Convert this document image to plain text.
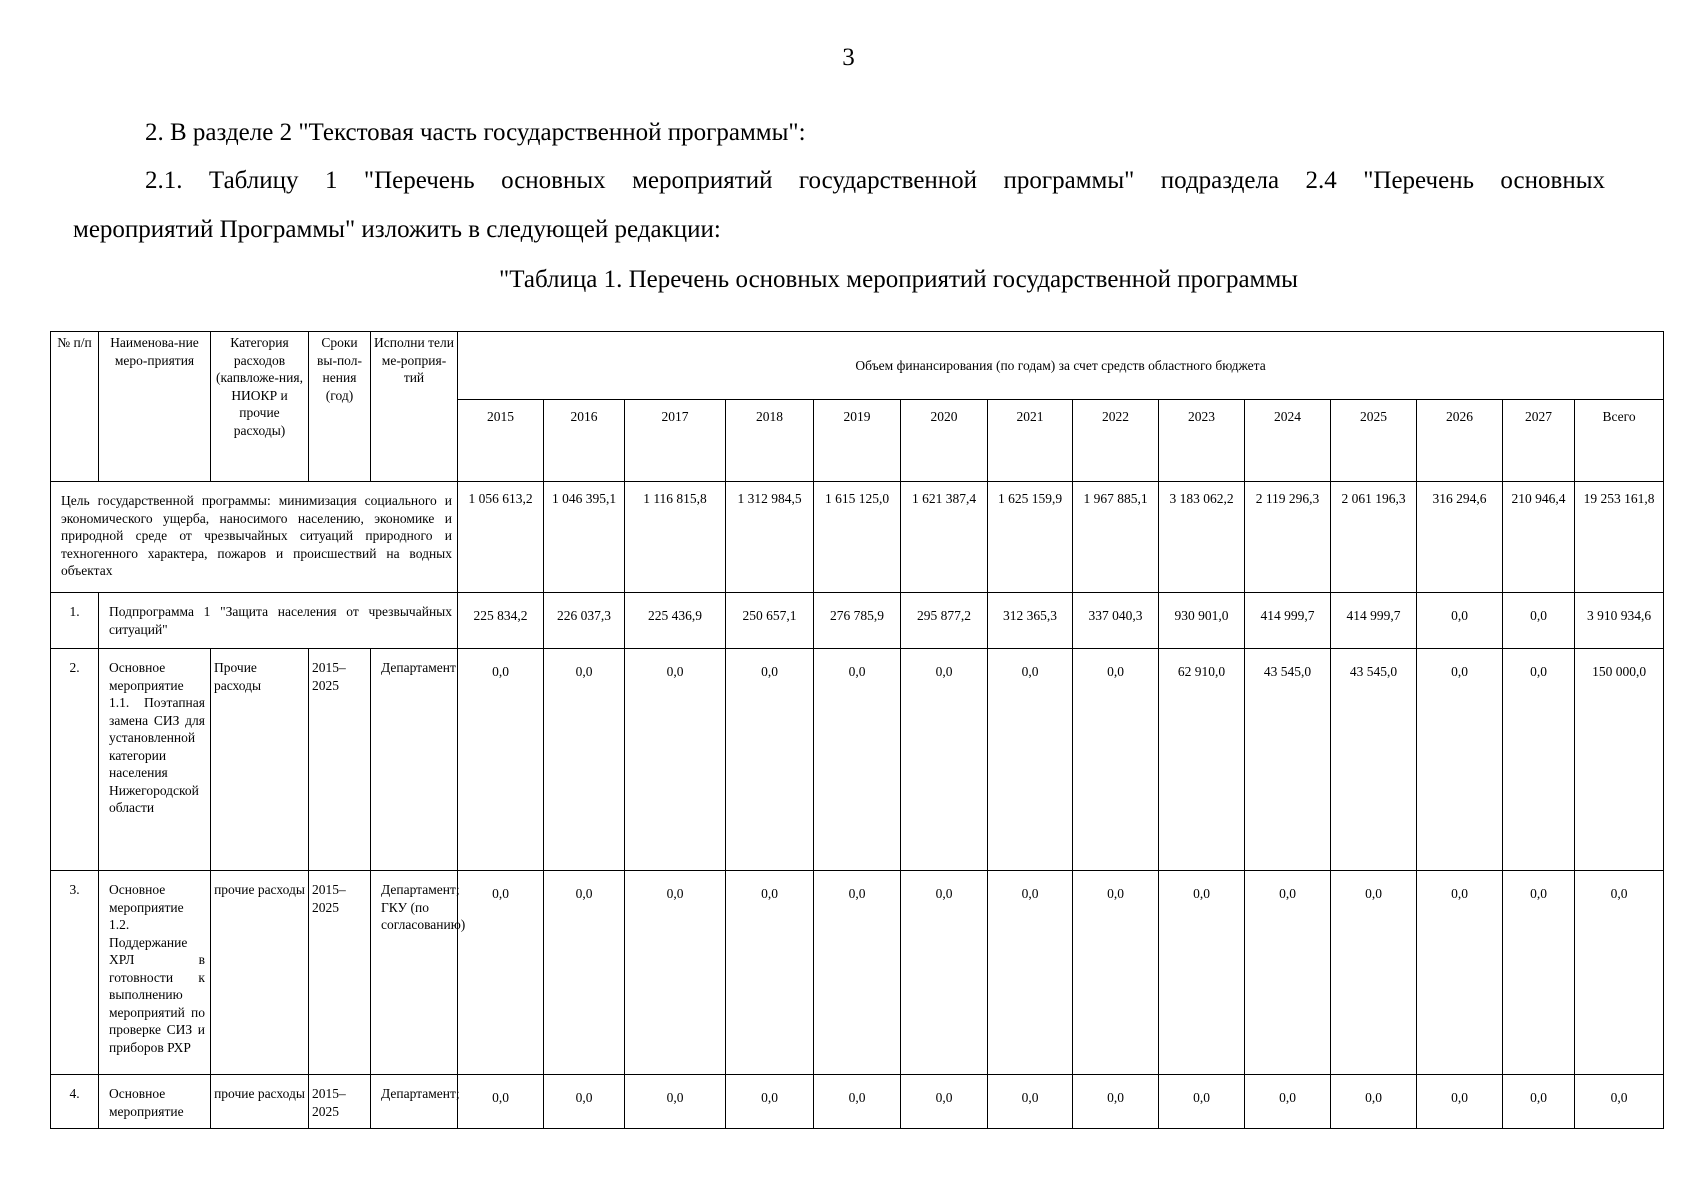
3
2. В разделе 2 "Текстовая часть государственной программы":
2.1. Таблицу 1 "Перечень основных мероприятий государственной программы" подраздела 2.4 "Перечень основных
мероприятий Программы" изложить в следующей редакции:
"Таблица 1. Перечень основных мероприятий государственной программы
№ п/п	Наименова-ние меро-приятия	Категория расходов (капвложе-ния, НИОКР и прочие расходы)	Сроки вы-пол-нения (год)	Исполни тели ме-роприя-тий	Объем финансирования (по годам) за счет средств областного бюджета													
					2015	2016	2017	2018	2019	2020	2021	2022	2023	2024	2025	2026	2027	Всего
Цель государственной программы: минимизация социального и экономического ущерба, наносимого населению, экономике и природной среде от чрезвычайных ситуаций природного и техногенного характера, пожаров и происшествий на водных объектах					1 056 613,2	1 046 395,1	1 116 815,8	1 312 984,5	1 615 125,0	1 621 387,4	1 625 159,9	1 967 885,1	3 183 062,2	2 119 296,3	2 061 196,3	316 294,6	210 946,4	19 253 161,8
1.	Подпрограмма 1 "Защита населения от чрезвычайных ситуаций"				225 834,2	226 037,3	225 436,9	250 657,1	276 785,9	295 877,2	312 365,3	337 040,3	930 901,0	414 999,7	414 999,7	0,0	0,0	3 910 934,6
2.	Основное мероприятие 1.1. Поэтапная замена СИЗ для установленной категории населения Нижегородской области	Прочие расходы	2015–2025	Департамент	0,0	0,0	0,0	0,0	0,0	0,0	0,0	0,0	62 910,0	43 545,0	43 545,0	0,0	0,0	150 000,0
3.	Основное мероприятие 1.2. Поддержание ХРЛ в готовности к выполнению мероприятий по проверке СИЗ и приборов РХР	прочие расходы	2015–2025	Департамент; ГКУ (по согласованию)	0,0	0,0	0,0	0,0	0,0	0,0	0,0	0,0	0,0	0,0	0,0	0,0	0,0	0,0
4.	Основное мероприятие	прочие расходы	2015–2025	Департамент;	0,0	0,0	0,0	0,0	0,0	0,0	0,0	0,0	0,0	0,0	0,0	0,0	0,0	0,0
